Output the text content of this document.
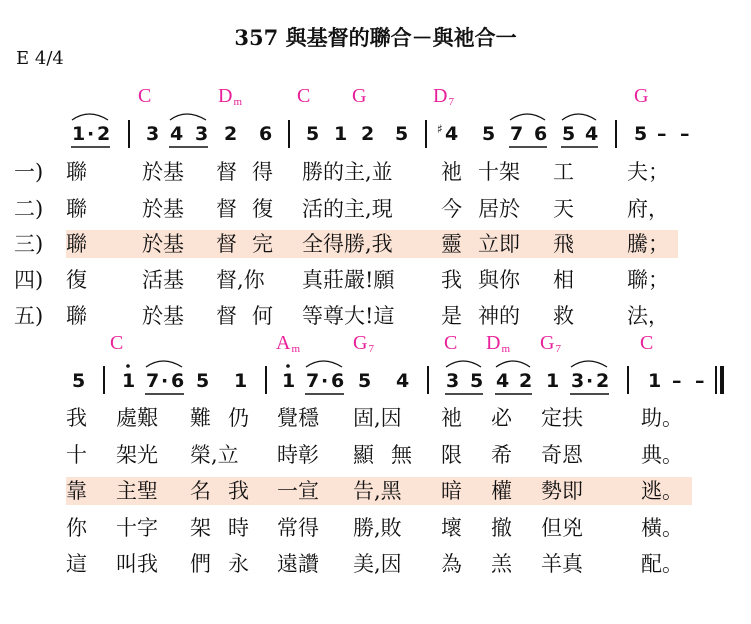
357 與基督的聯合－與祂合一
E 4/4
C	$D_m$	C G	$D_7$	G
1 · 2 3 4 3 2 6 5 1 2 5 ♯ 4 5 7 6 5 4 5 – –
一)
二)
三)
四)
五)
聯	於基 督 得 勝的主,並 祂 十架 工	夫；
聯	於基 督 復 活的主,現 今 居於 天	府，
聯	於基 督 完 全得勝,我 靈 立即 飛	騰；
復	活基 督,你 真莊嚴!願 我 與你 相	聯；
聯	於基 督 何 等尊大!這 是 神的 救	法，
C	$A_m$	$G_7$	C $D_m$ $G_7$	C
5 1 7 · 6 5 1 1 7 · 6 5 4 3 5 4 2 1 3 · 2 1 – –
我 處艱 難 仍 覺穩 固,因 祂 必 定扶	助。
十 架光 榮,立 時彰 顯 無 限 希 奇恩	典。
靠 主聖 名 我 一宣 告,黑 暗 權 勢即	逃。
你 十字 架 時 常得 勝,敗 壞 撤 但兇	橫。
這 叫我 們 永 遠讚 美,因 為 羔 羊真	配。
